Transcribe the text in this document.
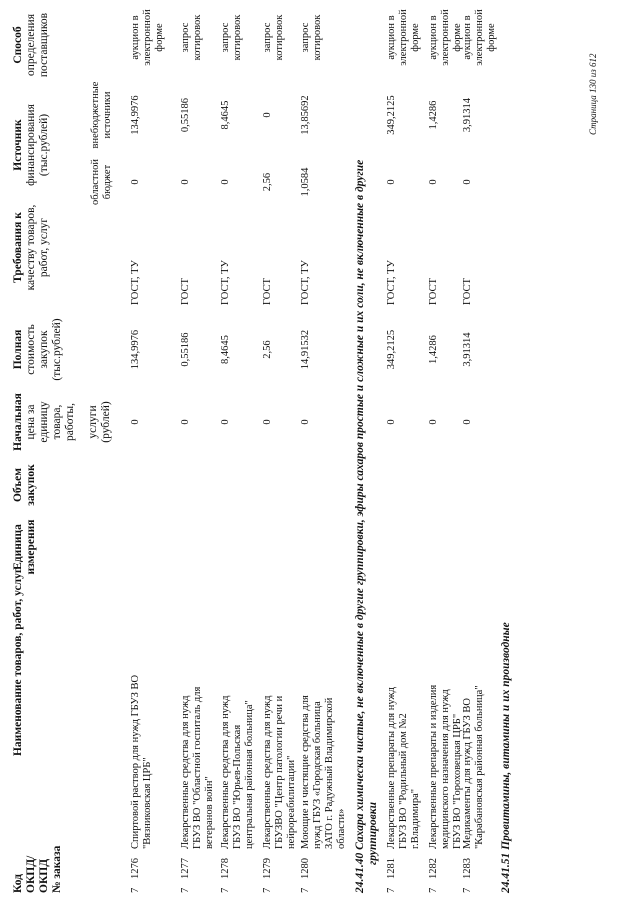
Код ОКПД/ ОКПД № заказа
Наименование товаров, работ, услуг
Единица измерения
Объем закупок
Начальная цена за единицу товара, работы, услуги (рублей)
Полная стоимость закупок (тыс.рублей)
Требования к качеству товаров, работ, услуг
Источник финансирования (тыс.рублей)
областной бюджет
внебюджетные источники
Способ определения поставщиков
7
1276
Спиртовой раствор для нужд ГБУЗ ВО "Вязниковская ЦРБ"
0
134,9976
ГОСТ, ТУ
0
134,9976
аукцион в электронной форме
7
1277
Лекарственные средства для нужд ГБУЗ ВО "Областной госпиталь для ветеранов войн"
0
0,55186
ГОСТ
0
0,55186
запрос котировок
7
1278
Лекарственные средства для нужд ГБУЗ ВО "Юрьев-Польская центральная районная больница"
0
8,4645
ГОСТ, ТУ
0
8,4645
запрос котировок
7
1279
Лекарственные средства для нужд ГБУЗВО "Центр патологии речи и нейрореабилитации"
0
2,56
ГОСТ
2,56
0
запрос котировок
7
1280
Моющие и чистящие средства для нужд ГБУЗ «Городская больница ЗАТО г. Радужный Владимирской области»
0
14,91532
ГОСТ, ТУ
1,0584
13,85692
запрос котировок
7
1281
Лекарственные препараты для нужд ГБУЗ ВО "Родильный дом №2 г.Владимира"
0
349,2125
ГОСТ, ТУ
0
349,2125
аукцион в электронной форме
7
1282
Лекарственные препараты и изделия медицинского назначения для нужд ГБУЗ ВО "Гороховецкая ЦРБ"
0
1,4286
ГОСТ
0
1,4286
аукцион в электронной форме
7
1283
Медикаменты для нужд ГБУЗ ВО "Карабановская районная больница"
0
3,91314
ГОСТ
0
3,91314
аукцион в электронной форме
24.41.40 Сахара химически чистые, не включенные в другие группировки, эфиры сахаров простые и сложные и их соли, не включенные в другие группировки	24.41.51 Провитамины, витамины и их производные
Страница 130 из 612
